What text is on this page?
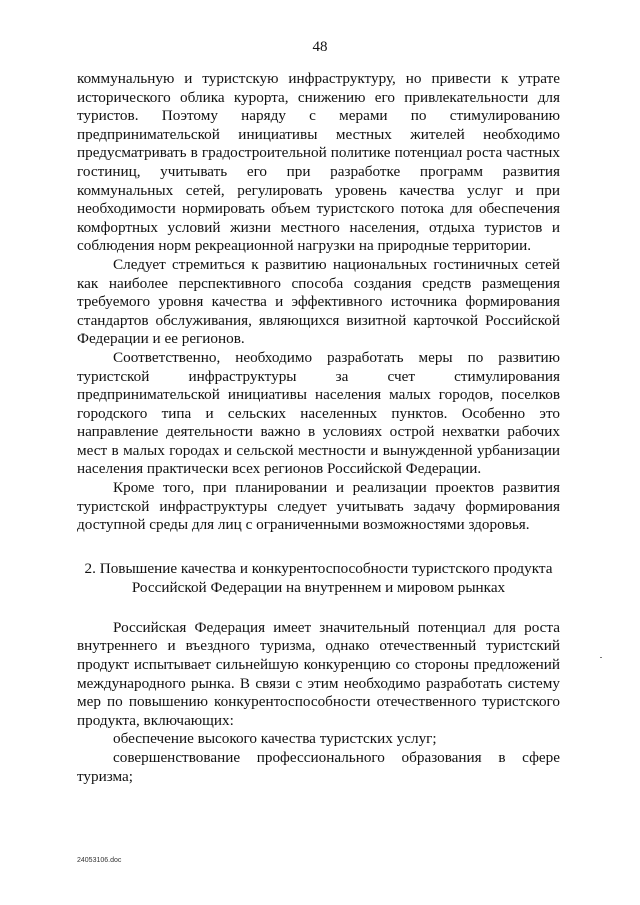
48

коммунальную и туристскую инфраструктуру, но привести к утрате исторического облика курорта, снижению его привлекательности для туристов. Поэтому наряду с мерами по стимулированию предпринимательской инициативы местных жителей необходимо предусматривать в градостроительной политике потенциал роста частных гостиниц, учитывать его при разработке программ развития коммунальных сетей, регулировать уровень качества услуг и при необходимости нормировать объем туристского потока для обеспечения комфортных условий жизни местного населения, отдыха туристов и соблюдения норм рекреационной нагрузки на природные территории.

Следует стремиться к развитию национальных гостиничных сетей как наиболее перспективного способа создания средств размещения требуемого уровня качества и эффективного источника формирования стандартов обслуживания, являющихся визитной карточкой Российской Федерации и ее регионов.

Соответственно, необходимо разработать меры по развитию туристской инфраструктуры за счет стимулирования предпринимательской инициативы населения малых городов, поселков городского типа и сельских населенных пунктов. Особенно это направление деятельности важно в условиях острой нехватки рабочих мест в малых городах и сельской местности и вынужденной урбанизации населения практически всех регионов Российской Федерации.

Кроме того, при планировании и реализации проектов развития туристской инфраструктуры следует учитывать задачу формирования доступной среды для лиц с ограниченными возможностями здоровья.

2. Повышение качества и конкурентоспособности туристского продукта
Российской Федерации на внутреннем и мировом рынках

Российская Федерация имеет значительный потенциал для роста внутреннего и въездного туризма, однако отечественный туристский продукт испытывает сильнейшую конкуренцию со стороны предложений международного рынка. В связи с этим необходимо разработать систему мер по повышению конкурентоспособности отечественного туристского продукта, включающих:

обеспечение высокого качества туристских услуг;

совершенствование профессионального образования в сфере туризма;

24053106.doc
